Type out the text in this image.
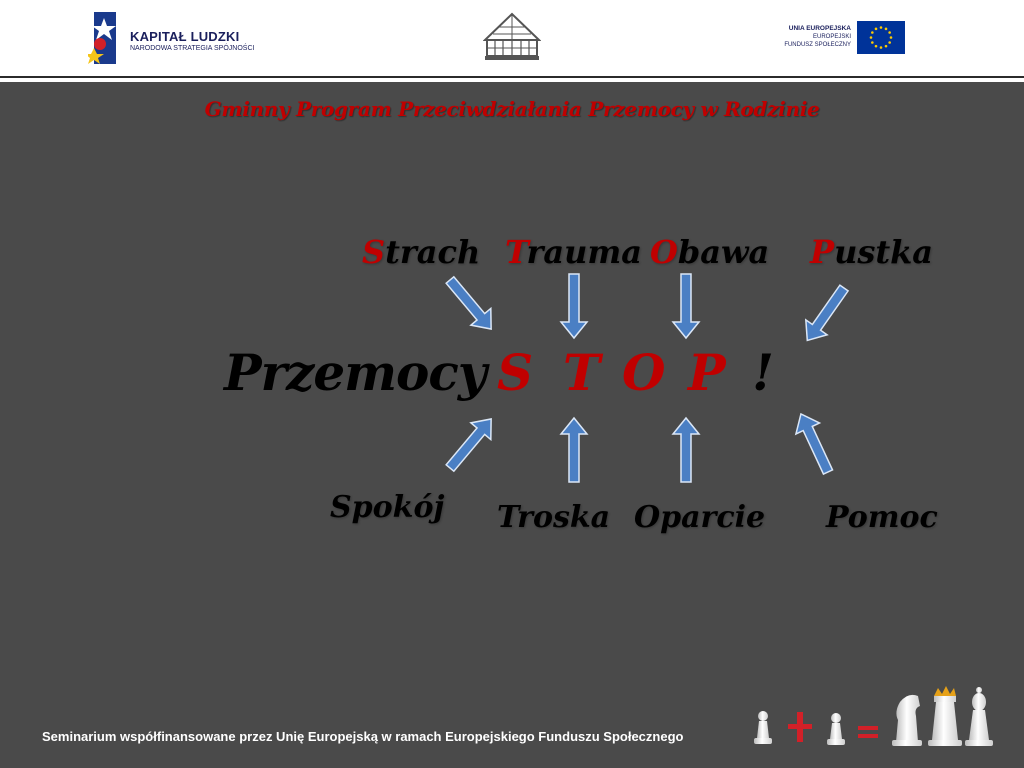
KAPITAŁ LUDZKI
NARODOWA STRATEGIA SPÓJNOŚCI
UNIA EUROPEJSKA
EUROPEJSKI
FUNDUSZ SPOŁECZNY
Gminny Program Przeciwdziałania Przemocy w Rodzinie
Strach Trauma Obawa Pustka
Przemocy S T O P !
Spokój Troska Oparcie Pomoc
Seminarium współfinansowane przez Unię Europejską w ramach Europejskiego Funduszu Społecznego
